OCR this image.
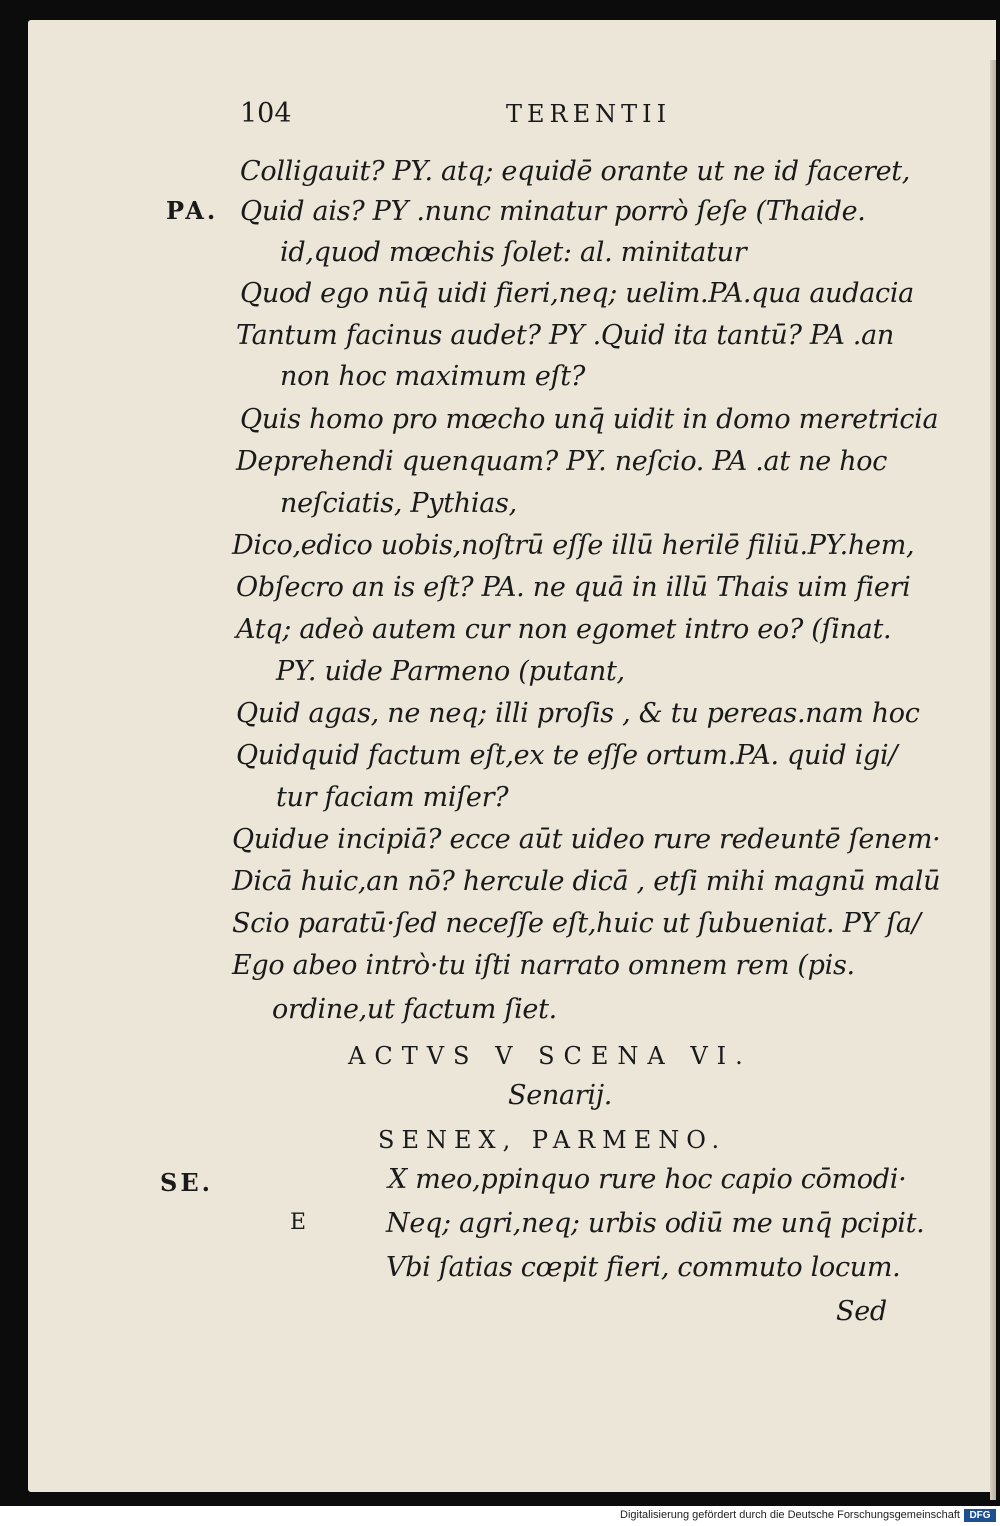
104	TERENTII
PA.
Colligauit? PY. atq; equidē orante ut ne id faceret,
Quid ais? PY .nunc minatur porrò ſeſe (Thaide.
id,quod mœchis ſolet: al. minitatur
Quod ego nūq̄ uidi fieri,neq; uelim.PA.qua audacia
Tantum facinus audet? PY .Quid ita tantū? PA .an
non hoc maximum eſt?
Quis homo pro mœcho unq̄ uidit in domo meretricia
Deprehendi quenquam? PY. neſcio. PA .at ne hoc
neſciatis, Pythias,
Dico,edico uobis,noſtrū eſſe illū herilē filiū.PY.hem,
Obſecro an is eſt? PA. ne quā in illū Thais uim fieri
Atq; adeò autem cur non egomet intro eo? (ſinat.
PY. uide Parmeno (putant,
Quid agas, ne neq; illi proſis , & tu pereas.nam hoc
Quidquid factum eſt,ex te eſſe ortum.PA. quid igi/
tur faciam miſer?
Quidue incipiā? ecce aūt uideo rure redeuntē ſenem·
Dicā huic,an nō? hercule dicā , etſi mihi magnū malū
Scio paratū·ſed neceſſe eſt,huic ut ſubueniat. PY ſa/
Ego abeo intrò·tu iſti narrato omnem rem (pis.
ordine,ut factum ſiet.
ACTVS V SCENA VI.
Senarij.
SENEX, PARMENO.
SE.
E
X meo,ppinquo rure hoc capio cōmodi·
Neq; agri,neq; urbis odiū me unq̄ pcipit.
Vbi ſatias cœpit fieri, commuto locum.
Sed
Digitalisierung gefördert durch die Deutsche Forschungsgemeinschaft DFG
